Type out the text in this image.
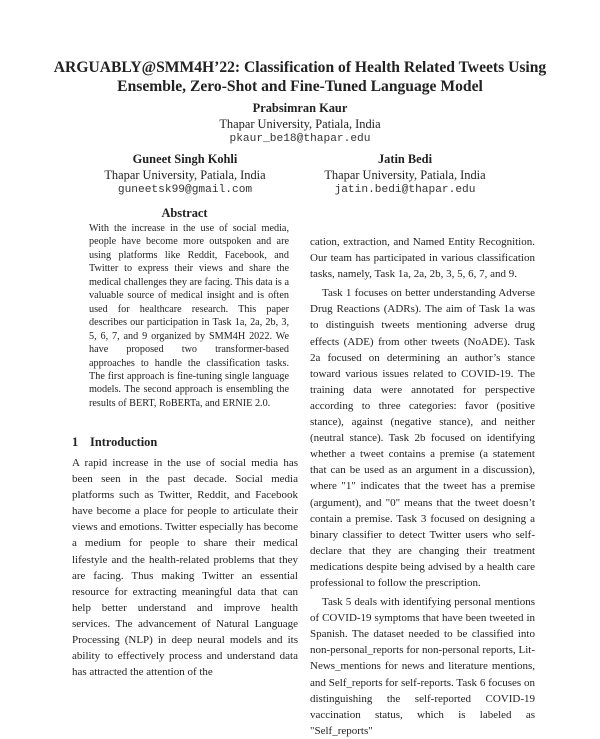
ARGUABLY@SMM4H’22: Classification of Health Related Tweets Using
Ensemble, Zero-Shot and Fine-Tuned Language Model
Prabsimran Kaur
Thapar University, Patiala, India
pkaur_be18@thapar.edu
Guneet Singh Kohli
Thapar University, Patiala, India
guneetsk99@gmail.com
Jatin Bedi
Thapar University, Patiala, India
jatin.bedi@thapar.edu
Abstract

With the increase in the use of social media, people have become more outspoken and are using platforms like Reddit, Facebook, and Twitter to express their views and share the medical challenges they are facing. This data is a valuable source of medical insight and is often used for healthcare research. This paper describes our participation in Task 1a, 2a, 2b, 3, 5, 6, 7, and 9 organized by SMM4H 2022. We have proposed two transformer-based approaches to handle the classification tasks. The first approach is fine-tuning single language models. The second approach is ensembling the results of BERT, RoBERTa, and ERNIE 2.0.

1 Introduction

A rapid increase in the use of social media has been seen in the past decade. Social media platforms such as Twitter, Reddit, and Facebook have become a place for people to articulate their views and emotions. Twitter especially has become a medium for people to share their medical lifestyle and the health-related problems that they are facing. Thus making Twitter an essential resource for extracting meaningful data that can help better understand and improve health services. The advancement of Natural Language Processing (NLP) in deep neural models and its ability to effectively process and understand data has attracted the attention of the

cation, extraction, and Named Entity Recognition. Our team has participated in various classification tasks, namely, Task 1a, 2a, 2b, 3, 5, 6, 7, and 9.

Task 1 focuses on better understanding Adverse Drug Reactions (ADRs). The aim of Task 1a was to distinguish tweets mentioning adverse drug effects (ADE) from other tweets (NoADE). Task 2a focused on determining an author’s stance toward various issues related to COVID-19. The training data were annotated for perspective according to three categories: favor (positive stance), against (negative stance), and neither (neutral stance). Task 2b focused on identifying whether a tweet contains a premise (a statement that can be used as an argument in a discussion), where "1" indicates that the tweet has a premise (argument), and "0" means that the tweet doesn’t contain a premise. Task 3 focused on designing a binary classifier to detect Twitter users who self-declare that they are changing their treatment medications despite being advised by a health care professional to follow the prescription.

Task 5 deals with identifying personal mentions of COVID-19 symptoms that have been tweeted in Spanish. The dataset needed to be classified into non-personal_reports for non-personal reports, Lit-News_mentions for news and literature mentions, and Self_reports for self-reports. Task 6 focuses on distinguishing the self-reported COVID-19 vaccination status, which is labeled as "Self_reports"
